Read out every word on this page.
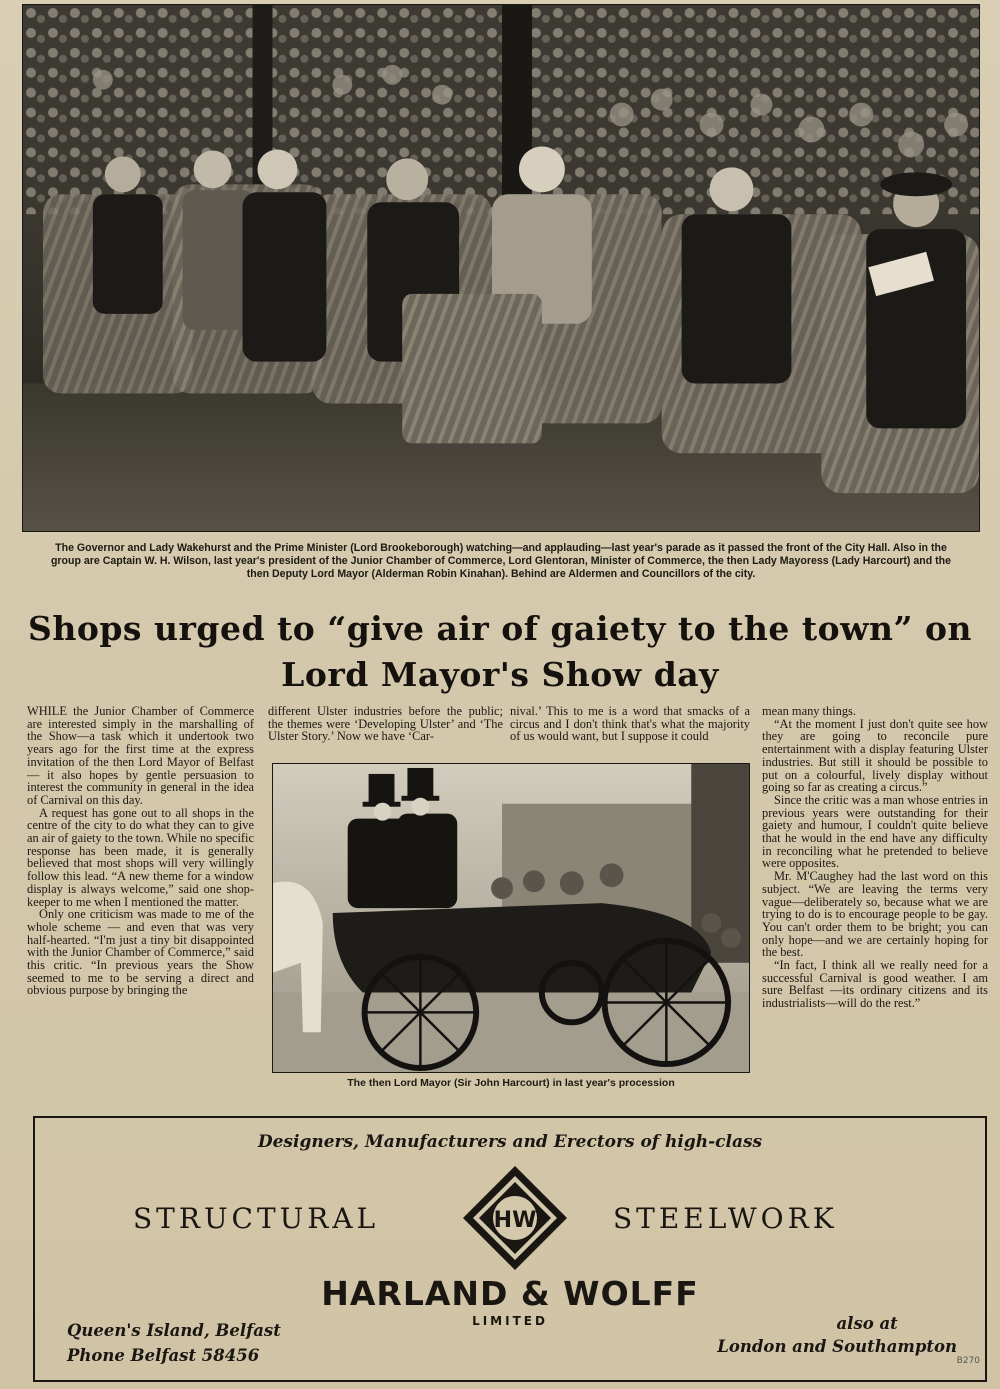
The Governor and Lady Wakehurst and the Prime Minister (Lord Brookeborough) watching—and applauding—last year's parade as it passed the front of the City Hall. Also in the group are Captain W. H. Wilson, last year's president of the Junior Chamber of Commerce, Lord Glentoran, Minister of Commerce, the then Lady Mayoress (Lady Harcourt) and the then Deputy Lord Mayor (Alderman Robin Kinahan). Behind are Aldermen and Councillors of the city.
Shops urged to “give air of gaiety to the town” on Lord Mayor's Show day

WHILE the Junior Chamber of Commerce are interested simply in the marshalling of the Show—a task which it undertook two years ago for the first time at the express invitation of the then Lord Mayor of Belfast — it also hopes by gentle persuasion to interest the community in general in the idea of Carnival on this day.

A request has gone out to all shops in the centre of the city to do what they can to give an air of gaiety to the town. While no specific response has been made, it is generally believed that most shops will very willingly follow this lead. “A new theme for a window display is always welcome,” said one shop-keeper to me when I mentioned the matter.

Only one criticism was made to me of the whole scheme — and even that was very half-hearted. “I'm just a tiny bit disappointed with the Junior Chamber of Commerce,” said this critic. “In previous years the Show seemed to me to be serving a direct and obvious purpose by bringing the

different Ulster industries before the public; the themes were ‘Developing Ulster’ and ‘The Ulster Story.’ Now we have ‘Car-

nival.’ This to me is a word that smacks of a circus and I don't think that's what the majority of us would want, but I suppose it could

mean many things.

“At the moment I just don't quite see how they are going to reconcile pure entertainment with a display featuring Ulster industries. But still it should be possible to put on a colourful, lively display without going so far as creating a circus.”

Since the critic was a man whose entries in previous years were outstanding for their gaiety and humour, I couldn't quite believe that he would in the end have any difficulty in reconciling what he pretended to believe were opposites.

Mr. M'Caughey had the last word on this subject. “We are leaving the terms very vague—deliberately so, because what we are trying to do is to encourage people to be gay. You can't order them to be bright; you can only hope—and we are certainly hoping for the best.

“In fact, I think all we really need for a successful Carnival is good weather. I am sure Belfast —its ordinary citizens and its industrialists—will do the rest.”

The then Lord Mayor (Sir John Harcourt) in last year's procession
Designers, Manufacturers and Erectors of high-class
STRUCTURAL	STEELWORK
HW
HARLAND & WOLFF
LIMITED
Queen's Island, Belfast
Phone Belfast 58456
also at
London and Southampton
B270
